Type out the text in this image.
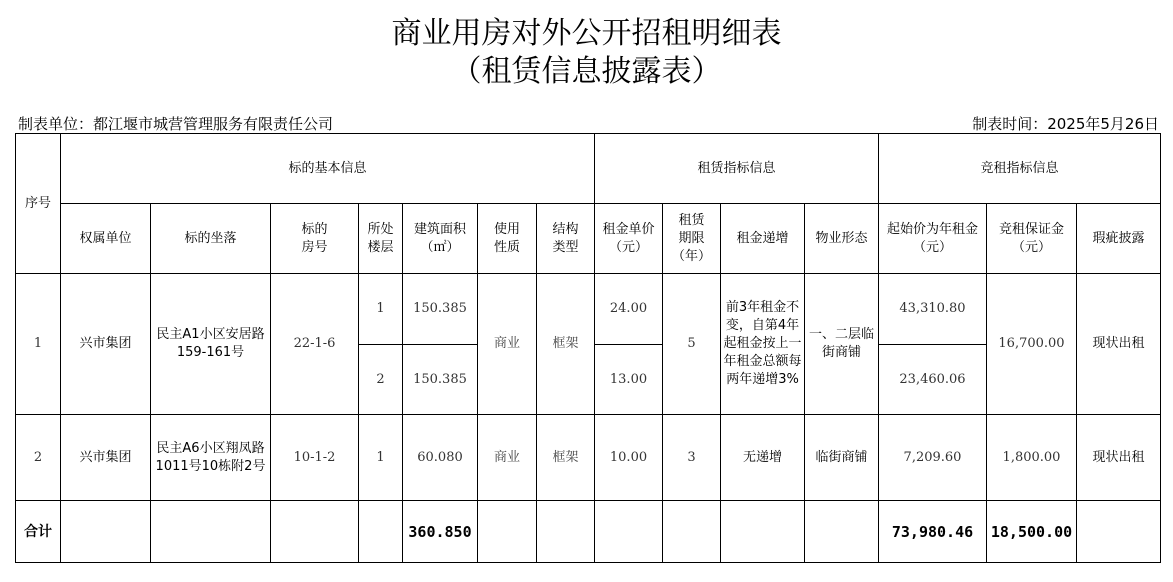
商业用房对外公开招租明细表
（租赁信息披露表）
制表单位：都江堰市城营管理服务有限责任公司	制表时间：2025年5月26日
序号	标的基本信息							租赁指标信息				竞租指标信息		
	权属单位	标的坐落	标的
房号	所处
楼层	建筑面积
（㎡）	使用
性质	结构
类型	租金单价
（元）	租赁
期限
（年）	租金递增	物业形态	起始价为年租金
（元）	竞租保证金
（元）	瑕疵披露
1	兴市集团	民主A1小区安居路159-161号	22-1-6	1	150.385	商业	框架	24.00	5	前3年租金不变，自第4年起租金按上一年租金总额每两年递增3%	一、二层临街商铺	43,310.80	16,700.00	现状出租
				2	150.385			13.00				23,460.06		
2	兴市集团	民主A6小区翔凤路1011号10栋附2号	10-1-2	1	60.080	商业	框架	10.00	3	无递增	临街商铺	7,209.60	1,800.00	现状出租
合计					360.850							73,980.46	18,500.00	
